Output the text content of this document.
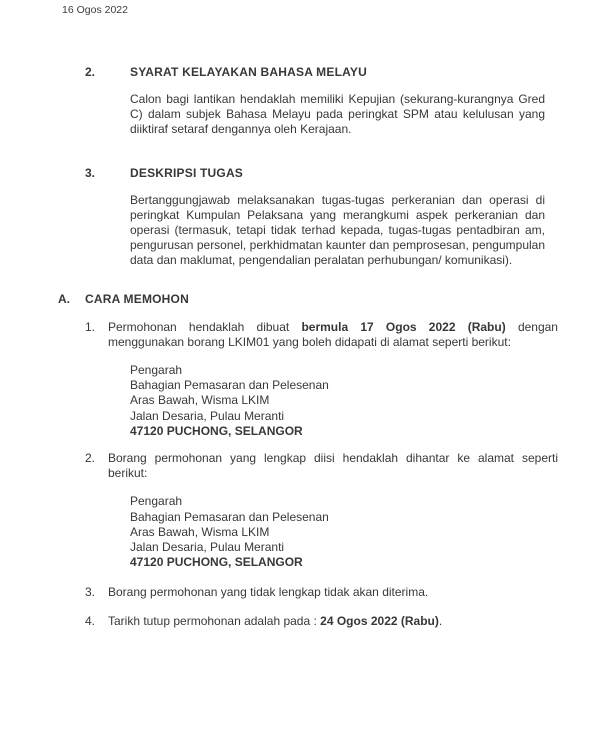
16 Ogos 2022
2.	SYARAT KELAYAKAN BAHASA MELAYU

Calon bagi lantikan hendaklah memiliki Kepujian (sekurang-kurangnya Gred C) dalam subjek Bahasa Melayu pada peringkat SPM atau kelulusan yang diiktiraf setaraf dengannya oleh Kerajaan.

3.	DESKRIPSI TUGAS

Bertanggungjawab melaksanakan tugas-tugas perkeranian dan operasi di peringkat Kumpulan Pelaksana yang merangkumi aspek perkeranian dan operasi (termasuk, tetapi tidak terhad kepada, tugas-tugas pentadbiran am, pengurusan personel, perkhidmatan kaunter dan pemprosesan, pengumpulan data dan maklumat, pengendalian peralatan perhubungan/ komunikasi).

A. CARA MEMOHON
1. Permohonan hendaklah dibuat bermula 17 Ogos 2022 (Rabu) dengan menggunakan borang LKIM01 yang boleh didapati di alamat seperti berikut:
Pengarah
Bahagian Pemasaran dan Pelesenan
Aras Bawah, Wisma LKIM
Jalan Desaria, Pulau Meranti
47120 PUCHONG, SELANGOR
2. Borang permohonan yang lengkap diisi hendaklah dihantar ke alamat seperti berikut:
Pengarah
Bahagian Pemasaran dan Pelesenan
Aras Bawah, Wisma LKIM
Jalan Desaria, Pulau Meranti
47120 PUCHONG, SELANGOR
3. Borang permohonan yang tidak lengkap tidak akan diterima.
4. Tarikh tutup permohonan adalah pada : 24 Ogos 2022 (Rabu).
